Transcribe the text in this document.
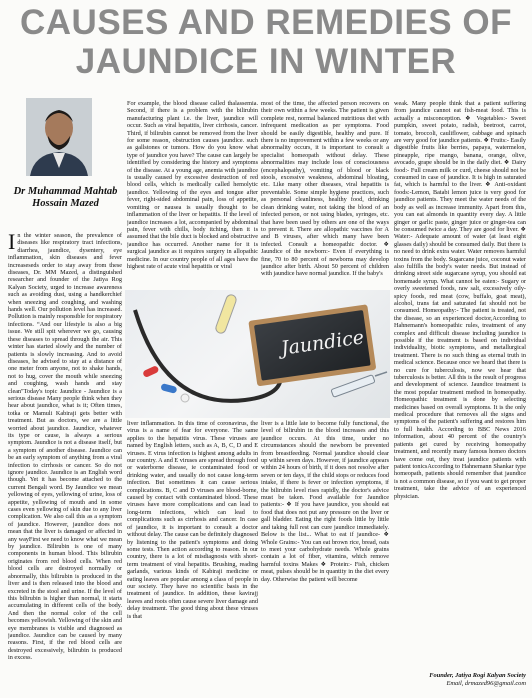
CAUSES AND REMEDIES OF
JAUNDICE IN WINTER
Dr Muhammad Mahtab Hossain Mazed

In the winter season, the prevalence of diseases like respiratory tract infections, diarrhea, jaundice, dysentery, eye inflammation, skin diseases and fever increaseseds order to stay away from these diseases, Dr. MM Mazed, a distinguished researcher and founder of the Jatiya Rog Kalyan Society, urged to increase awareness such as avoiding dust, using a handkerchief when sneezing and coughing, and washing hands well. Our pollution level has increased. Pollution is mainly responsible for respiratory infections. “And our lifestyle is also a big issue. We still spit wherever we go, causing these diseases to spread through the air. This winter has started slowly and the number of patients is slowly increasing. And to avoid diseases, he advised to stay at a distance of one meter from anyone, not to shake hands, not to hug, cover the mouth while sneezing and coughing, wash hands and stay clean"Today's topic Jaundice - Jaundice is a serious disease Many people think when they hear about jaundice, what is it; Often times, totka or Mamuli Kabiraji gets better with treatment. But as doctors, we are a little worried about jaundice. Jaundice, whatever its type or cause, is always a serious symptom. Jaundice is not a disease itself, but a symptom of another disease. Jaundice can be an early symptom of anything from a viral infection to cirrhosis or cancer. So do not ignore jaundice. Jaundice is an English word though. Yet it has become attached to the current Bengali word. By Jaundice we mean yellowing of eyes, yellowing of urine, loss of appetite, yellowing of mouth and in some cases even yellowing of skin due to any liver complication. We also call this as a symptom of jaundice. However, jaundice does not mean that the liver is damaged or affected in any wayFirst we need to know what we mean by jaundice. Bilirubin is one of many components in human blood. This bilirubin originates from red blood cells. When red blood cells are destroyed normally or abnormally, this bilirubin is produced in the liver and is then released into the blood and excreted in the stool and urine. If the level of this bilirubin is higher than normal, it starts accumulating in different cells of the body. And then the normal color of the cell becomes yellowish. Yellowing of the skin and eye membranes is visible and diagnosed as jaundice. Jaundice can be caused by many reasons. First, if the red blood cells are destroyed excessively, bilirubin is produced in excess.

For example, the blood disease called thalassemia. Second, if there is a problem with the bilirubin manufacturing plant i.e. the liver, jaundice will occur. Such as viral hepatitis, liver cirrhosis, cancer. Third, if bilirubin cannot be removed from the liver for some reason, obstruction causes jaundice. such as gallstones or tumors. How do you know what type of jaundice you have? The cause can largely be identified by considering the history and symptoms of the disease. At a young age, anemia with jaundice is usually caused by excessive destruction of red blood cells, which is medically called hemolytic jaundice. Yellowing of the eyes and tongue after fever, right-sided abdominal pain, loss of appetite, vomiting or nausea is usually thought to be inflammation of the liver or hepatitis. If the level of jaundice increases a lot, accompanied by abdominal pain, fever with chills, body itching, then it is assumed that the bile duct is blocked and obstructive jaundice has occurred. Another name for it is surgical jaundice as it requires surgery in allopathic medicine. In our country people of all ages have the highest rate of acute viral hepatitis or viral

most of the time, the affected person recovers on their own within a few weeks. The patient is given complete rest, normal balanced nutritious diet with infrequent medication as per symptoms. Food should be easily digestible, healthy and pure. If there is no improvement within a few weeks or any abnormality occurs, it is important to consult a specialist homeopath without delay. These abnormalities may include loss of consciousness (encephalopathy), vomiting of blood or black stools, excessive weakness, abdominal bloating, etc. Like many other diseases, viral hepatitis is preventable. Some simple hygiene practices, such as personal cleanliness, healthy food, drinking clean drinking water, not taking the blood of an infected person, or not using blades, syringes, etc. that have been used by others are one of the ways to prevent it. There are allopathic vaccines for A and B viruses, after which many have been infected. Consult a homeopathic doctor. ❖ Jaundice of the newborn:- Even if everything is fine, 70 to 80 percent of newborns may develop jaundice after birth. About 50 percent of children with jaundice have normal jaundice. If the baby's

Jaundice

liver inflammation. In this time of coronavirus, the virus is a name of fear for everyone. The same applies to the hepatitis virus. These viruses are named by English letters, such as A, B, C, D and E viruses. E virus infection is highest among adults in our country. A and E viruses are spread through food or waterborne disease, ie contaminated food or drinking water, and usually do not cause long-term infection. But sometimes it can cause serious complications. B, C and D viruses are blood-borne, caused by contact with contaminated blood. These viruses have more complications and can lead to long-term infections, which can lead to complications such as cirrhosis and cancer. In case of jaundice, it is important to consult a doctor without delay. The cause can be definitely diagnosed by listening to the patient's symptoms and doing some tests. Then action according to reason. In our country, there is a lot of misdiagnosis with short-term treatment of viral hepatitis. Brushing, reading garlands, various kinds of Kabiraji medicine or eating leaves are popular among a class of people in our society. They have no scientific basis in the treatment of jaundice. In addition, these kavirajj leaves and roots often cause severe liver damage and delay treatment. The good thing about these viruses is that

liver is a little late to become fully functional, the level of bilirubin in the blood increases and this jaundice occurs. At this time, under no circumstances should the newborn be prevented from breastfeeding. Normal jaundice should clear up within seven days. However, if jaundice appears within 24 hours of birth, if it does not resolve after seven or ten days, if the child stops or reduces food intake, if there is fever or infection symptoms, if the bilirubin level rises rapidly, the doctor's advice must be taken. Food available for Jaundice patients:- ❖ If you have jaundice, you should eat food that does not put any pressure on the liver or gall bladder. Eating the right foods little by little and taking full rest can cure jaundice immediately. Below is the list... What to eat if jaundice- ❖ Whole Grains:- You can eat brown rice, bread, oats to meet your carbohydrate needs. Whole grains contain a lot of fiber, vitamins, which remove harmful toxins Makes ❖ Protein:- Fish, chicken meat, pulses should be in quantity in the diet every day. Otherwise the patient will become

weak. Many people think that a patient suffering from jaundice cannot eat fish-meat food. This is actually a misconception. ❖ Vegetables:- Sweet pumpkin, sweet potato, radish, beetroot, carrot, tomato, broccoli, cauliflower, cabbage and spinach are very good for jaundice patients. ❖ Fruits:- Easily digestible fruits like berries, papaya, watermelon, pineapple, ripe mango, banana, orange, olive, avocado, grape should be in the daily diet. ❖ Dairy food:- Full cream milk or curd, cheese should not be consumed in case of jaundice. It is high in saturated fat, which is harmful to the liver. ❖ Anti-oxidant foods:-Lemon, Batabi lemon juice is very good for jaundice patients. They meet the water needs of the body as well as increase immunity. Apart from this, you can eat almonds in quantity every day. A little ginger or garlic paste, ginger juice or ginger-tea can be consumed twice a day. They are good for liver. ❖ Water:- Adequate amount of water (at least eight glasses daily) should be consumed daily. But there is no need to drink extra water. Water removes harmful toxins from the body. Sugarcane juice, coconut water also fulfills the body's water needs. But instead of drinking street side sugarcane syrup, you should eat homemade syrup. What cannot be eaten:- Sugary or overly sweetened foods, raw salt, excessively oily-spicy foods, red meat (cow, buffalo, goat meat), alcohol, trans fat and saturated fat should not be consumed. Homeopathy:- The patient is treated, not the disease, so an experienced doctor,According to Hahnemann's homeopathic rules, treatment of any complex and difficult disease including jaundice is possible if the treatment is based on individual individuality, biotic symptoms, and metallurgical treatment. There is no such thing as eternal truth in medical science. Because once we heard that there is no cure for tuberculosis, now we hear that tuberculosis is better. All this is the result of progress and development of science. Jaundice treatment is the most popular treatment method in homeopathy. Homeopathic treatment is done by selecting medicines based on overall symptoms. It is the only medical procedure that removes all the signs and symptoms of the patient's suffering and restores him to full health. According to BBC News 2016 information, about 40 percent of the country's patients get cured by receiving homeopathy treatment, and recently many famous homeo doctors have come out, they treat jaundice patients with patient tonicsAccording to Hahnemann Shankar type homeopath, patients should remember that jaundice is not a common disease, so if you want to get proper treatment, take the advice of an experienced physician.

Founder, Jatiya Rogi Kalyan Society
Email, drmazed96@gmail.com
